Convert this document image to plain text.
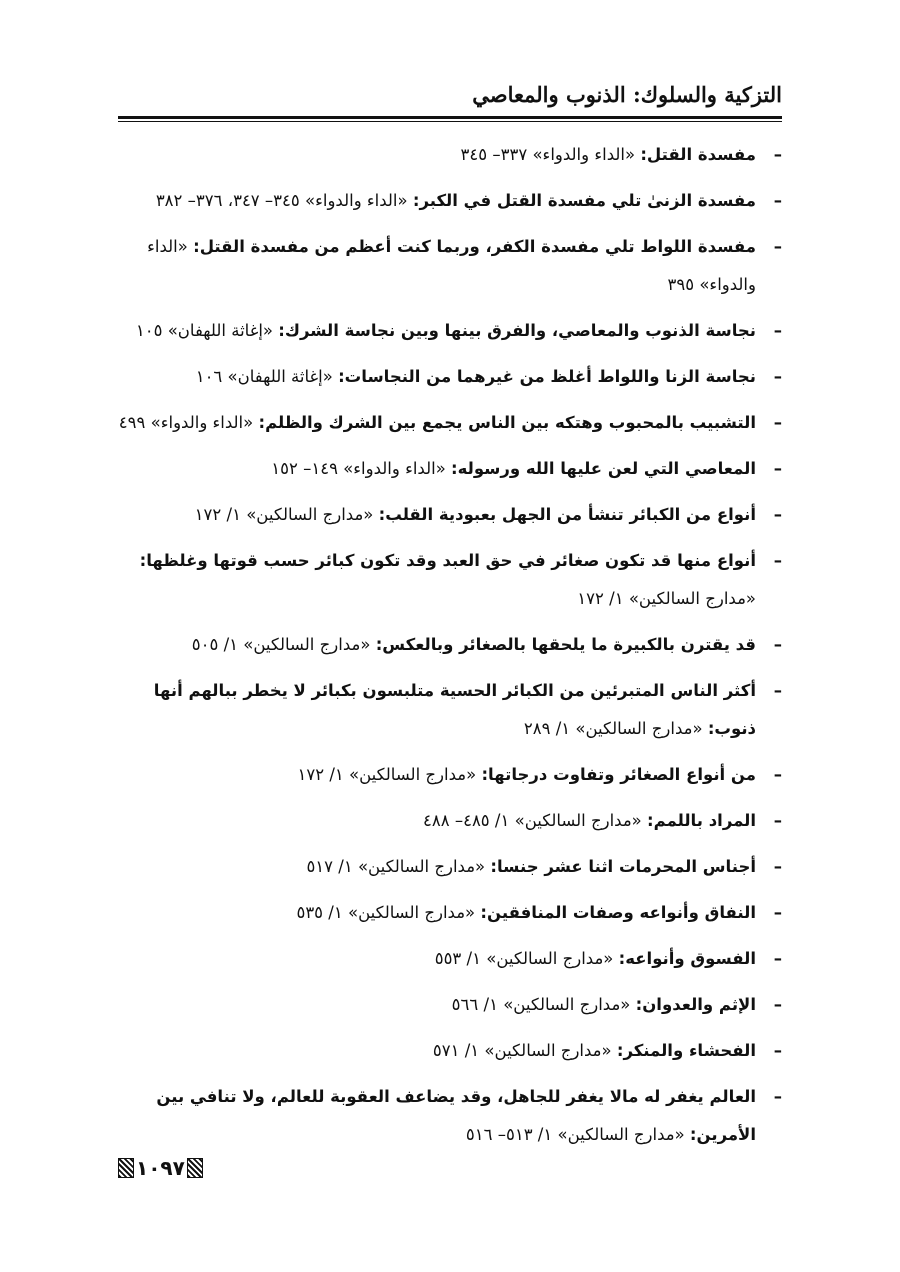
التزكية والسلوك: الذنوب والمعاصي
–
مفسدة القتل: «الداء والدواء» ٣٣٧– ٣٤٥
–
مفسدة الزنىٰ تلي مفسدة القتل في الكبر: «الداء والدواء» ٣٤٥– ٣٤٧، ٣٧٦– ٣٨٢
–
مفسدة اللواط تلي مفسدة الكفر، وربما كنت أعظم من مفسدة القتل: «الداء والدواء» ٣٩٥
–
نجاسة الذنوب والمعاصي، والفرق بينها وبين نجاسة الشرك: «إغاثة اللهفان» ١٠٥
–
نجاسة الزنا واللواط أغلظ من غيرهما من النجاسات: «إغاثة اللهفان» ١٠٦
–
التشبيب بالمحبوب وهتكه بين الناس يجمع بين الشرك والظلم: «الداء والدواء» ٤٩٩
–
المعاصي التي لعن عليها الله ورسوله: «الداء والدواء» ١٤٩– ١٥٢
–
أنواع من الكبائر تنشأ من الجهل بعبودية القلب: «مدارج السالكين» ١/ ١٧٢
–
أنواع منها قد تكون صغائر في حق العبد وقد تكون كبائر حسب قوتها وغلظها: «مدارج السالكين» ١/ ١٧٢
–
قد يقترن بالكبيرة ما يلحقها بالصغائر وبالعكس: «مدارج السالكين» ١/ ٥٠٥
–
أكثر الناس المتبرئين من الكبائر الحسية متلبسون بكبائر لا يخطر ببالهم أنها ذنوب: «مدارج السالكين» ١/ ٢٨٩
–
من أنواع الصغائر وتفاوت درجاتها: «مدارج السالكين» ١/ ١٧٢
–
المراد باللمم: «مدارج السالكين» ١/ ٤٨٥– ٤٨٨
–
أجناس المحرمات اثنا عشر جنسا: «مدارج السالكين» ١/ ٥١٧
–
النفاق وأنواعه وصفات المنافقين: «مدارج السالكين» ١/ ٥٣٥
–
الفسوق وأنواعه: «مدارج السالكين» ١/ ٥٥٣
–
الإثم والعدوان: «مدارج السالكين» ١/ ٥٦٦
–
الفحشاء والمنكر: «مدارج السالكين» ١/ ٥٧١
–
العالم يغفر له مالا يغفر للجاهل، وقد يضاعف العقوبة للعالم، ولا تنافي بين الأمرين: «مدارج السالكين» ١/ ٥١٣– ٥١٦
١٠٩٧
